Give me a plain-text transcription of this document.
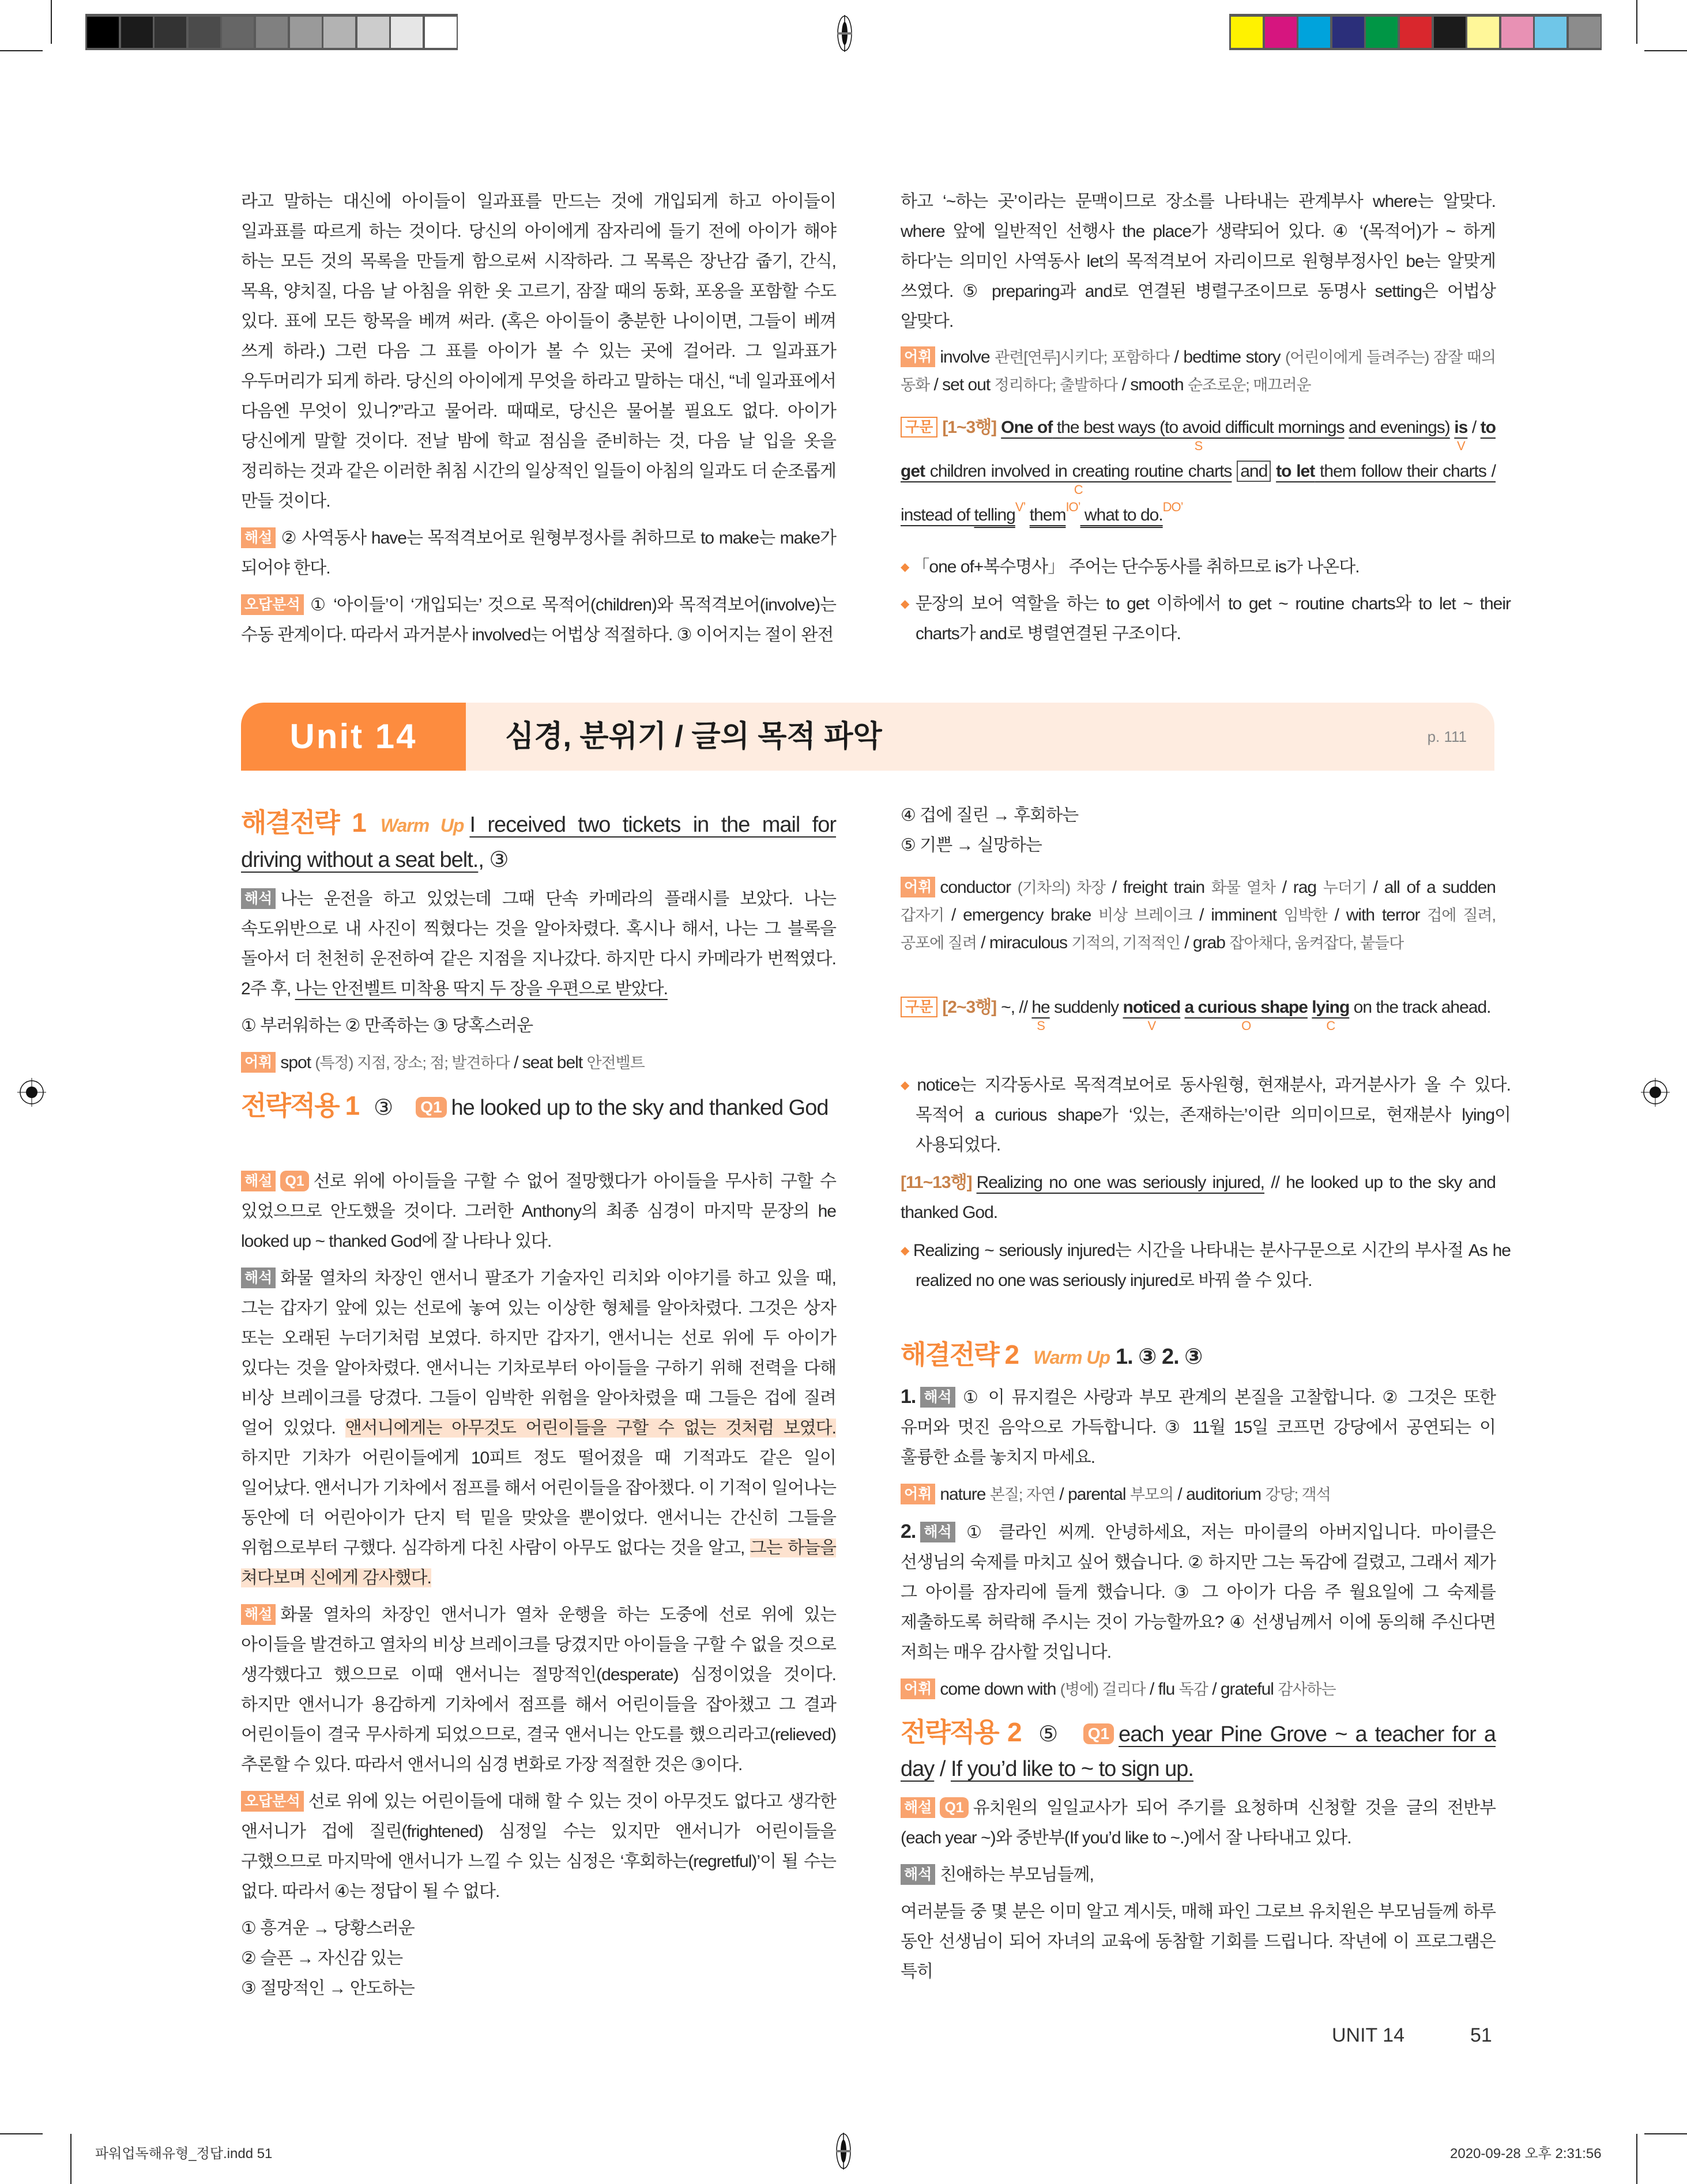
Unit 14	심경, 분위기 / 글의 목적 파악	p. 111
라고 말하는 대신에 아이들이 일과표를 만드는 것에 개입되게 하고 아이들이 일과표를 따르게 하는 것이다. 당신의 아이에게 잠자리에 들기 전에 아이가 해야 하는 모든 것의 목록을 만들게 함으로써 시작하라. 그 목록은 장난감 줍기, 간식, 목욕, 양치질, 다음 날 아침을 위한 옷 고르기, 잠잘 때의 동화, 포옹을 포함할 수도 있다. 표에 모든 항목을 베껴 써라. (혹은 아이들이 충분한 나이이면, 그들이 베껴 쓰게 하라.) 그런 다음 그 표를 아이가 볼 수 있는 곳에 걸어라. 그 일과표가 우두머리가 되게 하라. 당신의 아이에게 무엇을 하라고 말하는 대신, “네 일과표에서 다음엔 무엇이 있니?”라고 물어라. 때때로, 당신은 물어볼 필요도 없다. 아이가 당신에게 말할 것이다. 전날 밤에 학교 점심을 준비하는 것, 다음 날 입을 옷을 정리하는 것과 같은 이러한 취침 시간의 일상적인 일들이 아침의 일과도 더 순조롭게 만들 것이다.
해설 ② 사역동사 have는 목적격보어로 원형부정사를 취하므로 to make는 make가 되어야 한다.
오답분석 ① ‘아이들’이 ‘개입되는’ 것으로 목적어(children)와 목적격보어(involve)는 수동 관계이다. 따라서 과거분사 involved는 어법상 적절하다. ③ 이어지는 절이 완전
해결전략 1 Warm Up I received two tickets in the mail for driving without a seat belt., ③
해석 나는 운전을 하고 있었는데 그때 단속 카메라의 플래시를 보았다. 나는 속도위반으로 내 사진이 찍혔다는 것을 알아차렸다. 혹시나 해서, 나는 그 블록을 돌아서 더 천천히 운전하여 같은 지점을 지나갔다. 하지만 다시 카메라가 번쩍였다. 2주 후, 나는 안전벨트 미착용 딱지 두 장을 우편으로 받았다.
① 부러워하는 ② 만족하는 ③ 당혹스러운
어휘 spot (특정) 지점, 장소; 점; 발견하다 / seat belt 안전벨트
전략적용 1 ③ Q1 he looked up to the sky and thanked God
해설 Q1 선로 위에 아이들을 구할 수 없어 절망했다가 아이들을 무사히 구할 수 있었으므로 안도했을 것이다. 그러한 Anthony의 최종 심경이 마지막 문장의 he looked up ~ thanked God에 잘 나타나 있다.
해석 화물 열차의 차장인 앤서니 팔조가 기술자인 리치와 이야기를 하고 있을 때, 그는 갑자기 앞에 있는 선로에 놓여 있는 이상한 형체를 알아차렸다. 그것은 상자 또는 오래된 누더기처럼 보였다. 하지만 갑자기, 앤서니는 선로 위에 두 아이가 있다는 것을 알아차렸다. 앤서니는 기차로부터 아이들을 구하기 위해 전력을 다해 비상 브레이크를 당겼다. 그들이 임박한 위험을 알아차렸을 때 그들은 겁에 질려 얼어 있었다. 앤서니에게는 아무것도 어린이들을 구할 수 없는 것처럼 보였다. 하지만 기차가 어린이들에게 10피트 정도 떨어졌을 때 기적과도 같은 일이 일어났다. 앤서니가 기차에서 점프를 해서 어린이들을 잡아챘다. 이 기적이 일어나는 동안에 더 어린아이가 단지 턱 밑을 맞았을 뿐이었다. 앤서니는 간신히 그들을 위험으로부터 구했다. 심각하게 다친 사람이 아무도 없다는 것을 알고, 그는 하늘을 쳐다보며 신에게 감사했다.
해설 화물 열차의 차장인 앤서니가 열차 운행을 하는 도중에 선로 위에 있는 아이들을 발견하고 열차의 비상 브레이크를 당겼지만 아이들을 구할 수 없을 것으로 생각했다고 했으므로 이때 앤서니는 절망적인(desperate) 심정이었을 것이다. 하지만 앤서니가 용감하게 기차에서 점프를 해서 어린이들을 잡아챘고 그 결과 어린이들이 결국 무사하게 되었으므로, 결국 앤서니는 안도를 했으리라고(relieved) 추론할 수 있다. 따라서 앤서니의 심경 변화로 가장 적절한 것은 ③이다.
오답분석 선로 위에 있는 어린이들에 대해 할 수 있는 것이 아무것도 없다고 생각한 앤서니가 겁에 질린(frightened) 심정일 수는 있지만 앤서니가 어린이들을 구했으므로 마지막에 앤서니가 느낄 수 있는 심정은 ‘후회하는(regretful)’이 될 수는 없다. 따라서 ④는 정답이 될 수 없다.
① 흥겨운 → 당황스러운
② 슬픈 → 자신감 있는
③ 절망적인 → 안도하는
하고 ‘~하는 곳’이라는 문맥이므로 장소를 나타내는 관계부사 where는 알맞다. where 앞에 일반적인 선행사 the place가 생략되어 있다. ④ ‘(목적어)가 ~ 하게 하다’는 의미인 사역동사 let의 목적격보어 자리이므로 원형부정사인 be는 알맞게 쓰였다. ⑤ preparing과 and로 연결된 병렬구조이므로 동명사 setting은 어법상 알맞다.
어휘 involve 관련[연루]시키다; 포함하다 / bedtime story (어린이에게 들려주는) 잠잘 때의 동화 / set out 정리하다; 출발하다 / smooth 순조로운; 매끄러운
구문 [1~3행] One of the best ways (to avoid difficult mornings
S
and evenings) is
V
/ to get children involved in creating routine charts
C
and to let them follow their charts / instead of telling$^{V’}$ them$^{IO’}$ what to do.$^{DO’}$
◆ 「one of+복수명사」 주어는 단수동사를 취하므로 is가 나온다.
◆ 문장의 보어 역할을 하는 to get 이하에서 to get ~ routine charts와 to let ~ their charts가 and로 병렬연결된 구조이다.
④ 겁에 질린 → 후회하는
⑤ 기쁜 → 실망하는
어휘 conductor (기차의) 차장 / freight train 화물 열차 / rag 누더기 / all of a sudden 갑자기 / emergency brake 비상 브레이크 / imminent 임박한 / with terror 겁에 질려, 공포에 질려 / miraculous 기적의, 기적적인 / grab 잡아채다, 움켜잡다, 붙들다
구문 [2~3행] ~, // he
S
suddenly noticed
V
a curious shape
O
lying
C
on the track ahead.
◆ notice는 지각동사로 목적격보어로 동사원형, 현재분사, 과거분사가 올 수 있다. 목적어 a curious shape가 ‘있는, 존재하는’이란 의미이므로, 현재분사 lying이 사용되었다.
[11~13행] Realizing no one was seriously injured, // he looked up to the sky and thanked God.
◆ Realizing ~ seriously injured는 시간을 나타내는 분사구문으로 시간의 부사절 As he realized no one was seriously injured로 바꿔 쓸 수 있다.
해결전략 2 Warm Up 1. ③ 2. ③
1. 해석 ① 이 뮤지컬은 사랑과 부모 관계의 본질을 고찰합니다. ② 그것은 또한 유머와 멋진 음악으로 가득합니다. ③ 11월 15일 코프먼 강당에서 공연되는 이 훌륭한 쇼를 놓치지 마세요.
어휘 nature 본질; 자연 / parental 부모의 / auditorium 강당; 객석
2. 해석 ① 클라인 씨께. 안녕하세요, 저는 마이클의 아버지입니다. 마이클은 선생님의 숙제를 마치고 싶어 했습니다. ② 하지만 그는 독감에 걸렸고, 그래서 제가 그 아이를 잠자리에 들게 했습니다. ③ 그 아이가 다음 주 월요일에 그 숙제를 제출하도록 허락해 주시는 것이 가능할까요? ④ 선생님께서 이에 동의해 주신다면 저희는 매우 감사할 것입니다.
어휘 come down with (병에) 걸리다 / flu 독감 / grateful 감사하는
전략적용 2 ⑤ Q1 each year Pine Grove ~ a teacher for a day / If you’d like to ~ to sign up.
해설 Q1 유치원의 일일교사가 되어 주기를 요청하며 신청할 것을 글의 전반부(each year ~)와 중반부(If you’d like to ~.)에서 잘 나타내고 있다.
해석 친애하는 부모님들께,
여러분들 중 몇 분은 이미 알고 계시듯, 매해 파인 그로브 유치원은 부모님들께 하루 동안 선생님이 되어 자녀의 교육에 동참할 기회를 드립니다. 작년에 이 프로그램은 특히
UNIT 14	51
파워업독해유형_정답.indd 51	2020-09-28 오후 2:31:56
